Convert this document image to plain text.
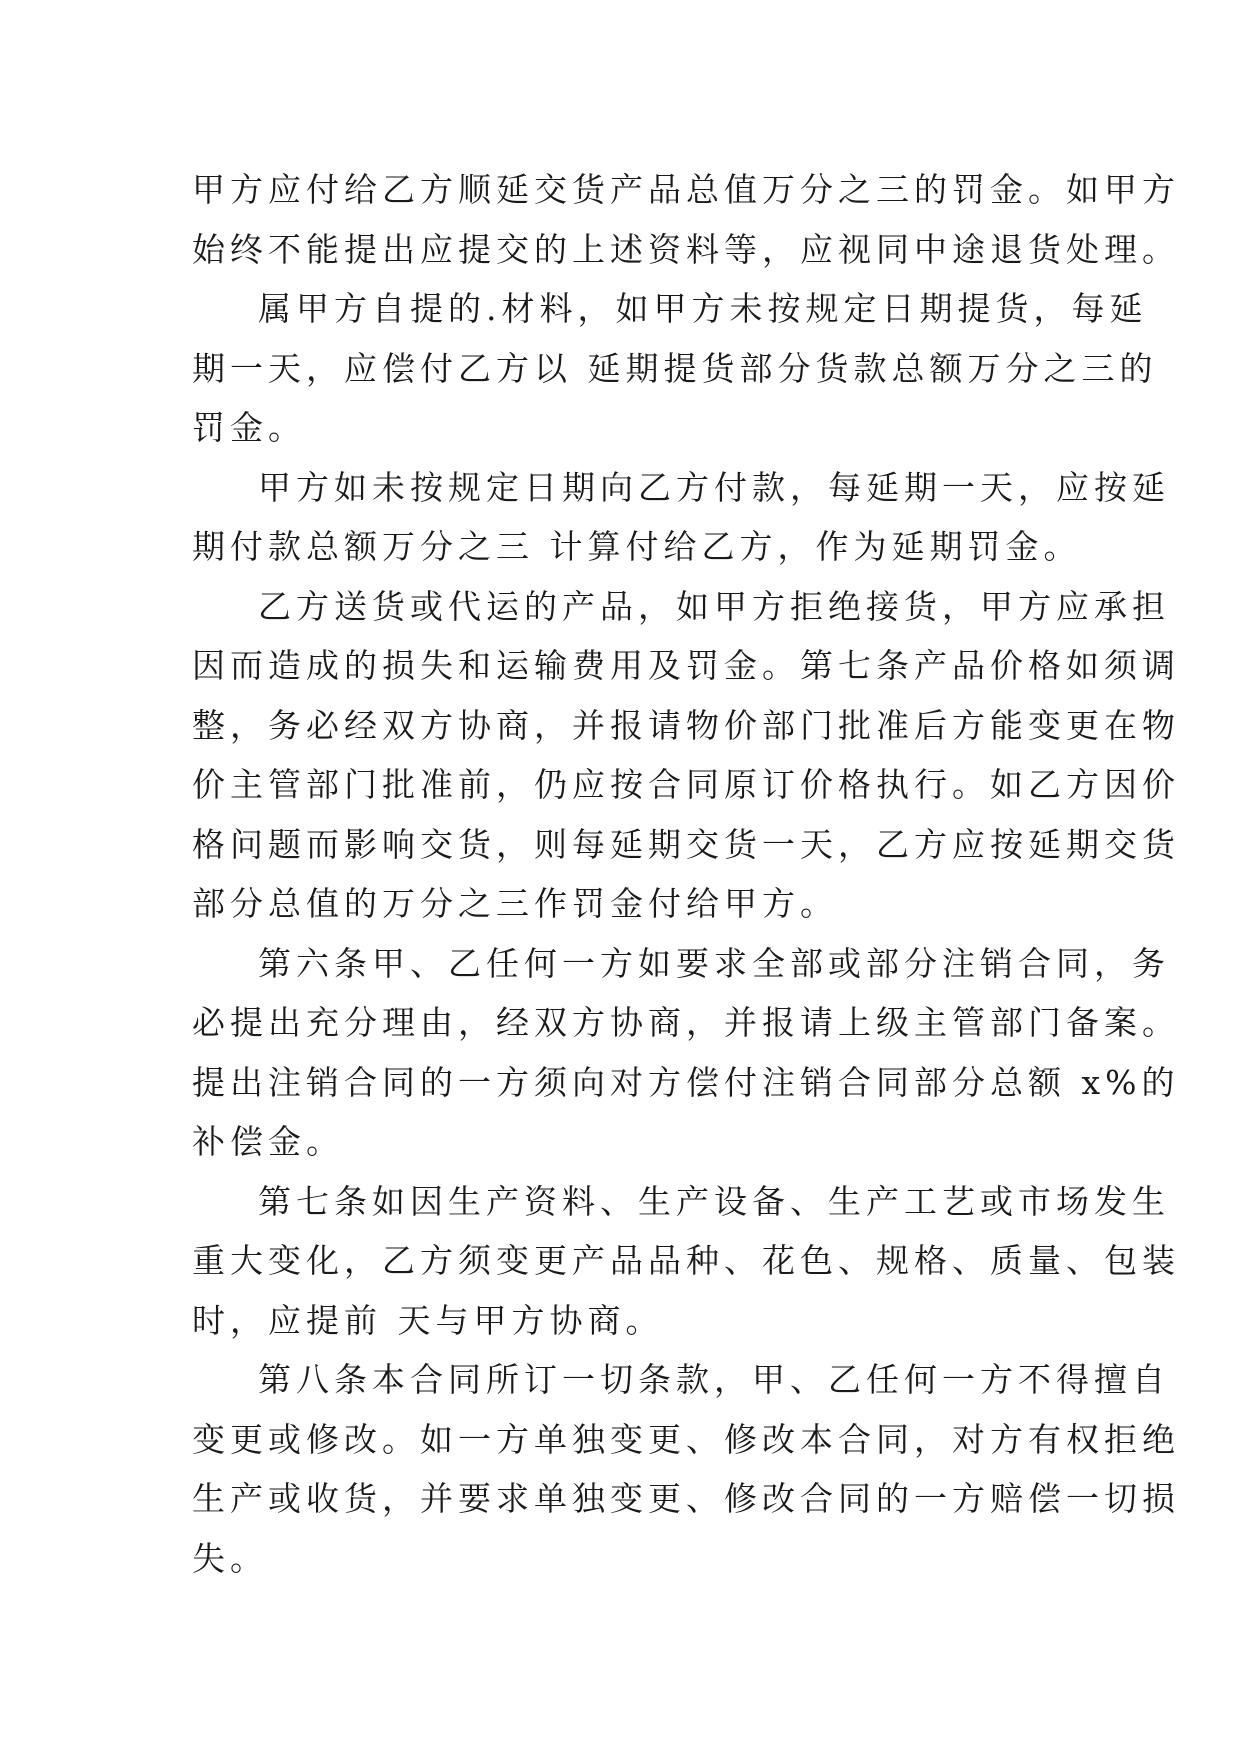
甲方应付给乙方顺延交货产品总值万分之三的罚金。如甲方
始终不能提出应提交的上述资料等，应视同中途退货处理。
属甲方自提的.材料，如甲方未按规定日期提货，每延
期一天，应偿付乙方以 延期提货部分货款总额万分之三的
罚金。
甲方如未按规定日期向乙方付款，每延期一天，应按延
期付款总额万分之三 计算付给乙方，作为延期罚金。
乙方送货或代运的产品，如甲方拒绝接货，甲方应承担
因而造成的损失和运输费用及罚金。第七条产品价格如须调
整，务必经双方协商，并报请物价部门批准后方能变更在物
价主管部门批准前，仍应按合同原订价格执行。如乙方因价
格问题而影响交货，则每延期交货一天，乙方应按延期交货
部分总值的万分之三作罚金付给甲方。
第六条甲、乙任何一方如要求全部或部分注销合同，务
必提出充分理由，经双方协商，并报请上级主管部门备案。
提出注销合同的一方须向对方偿付注销合同部分总额 x%的
补偿金。
第七条如因生产资料、生产设备、生产工艺或市场发生
重大变化，乙方须变更产品品种、花色、规格、质量、包装
时，应提前 天与甲方协商。
第八条本合同所订一切条款，甲、乙任何一方不得擅自
变更或修改。如一方单独变更、修改本合同，对方有权拒绝
生产或收货，并要求单独变更、修改合同的一方赔偿一切损
失。
